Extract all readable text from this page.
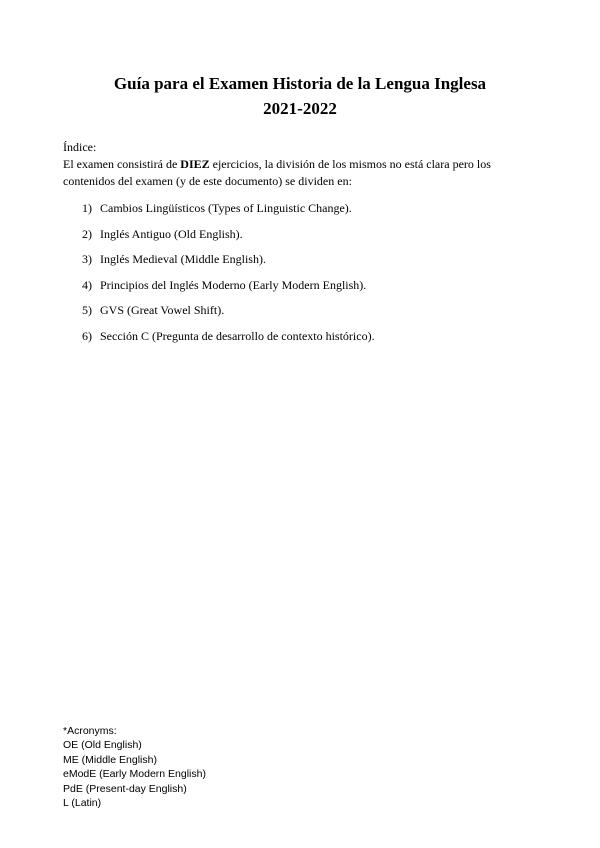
Guía para el Examen Historia de la Lengua Inglesa
2021-2022
Índice:
El examen consistirá de DIEZ ejercicios, la división de los mismos no está clara pero los contenidos del examen (y de este documento) se dividen en:
1) Cambios Lingüísticos (Types of Linguistic Change).
2) Inglés Antiguo (Old English).
3) Inglés Medieval (Middle English).
4) Principios del Inglés Moderno (Early Modern English).
5) GVS (Great Vowel Shift).
6) Sección C (Pregunta de desarrollo de contexto histórico).
*Acronyms:
OE (Old English)
ME (Middle English)
eModE (Early Modern English)
PdE (Present-day English)
L (Latin)
